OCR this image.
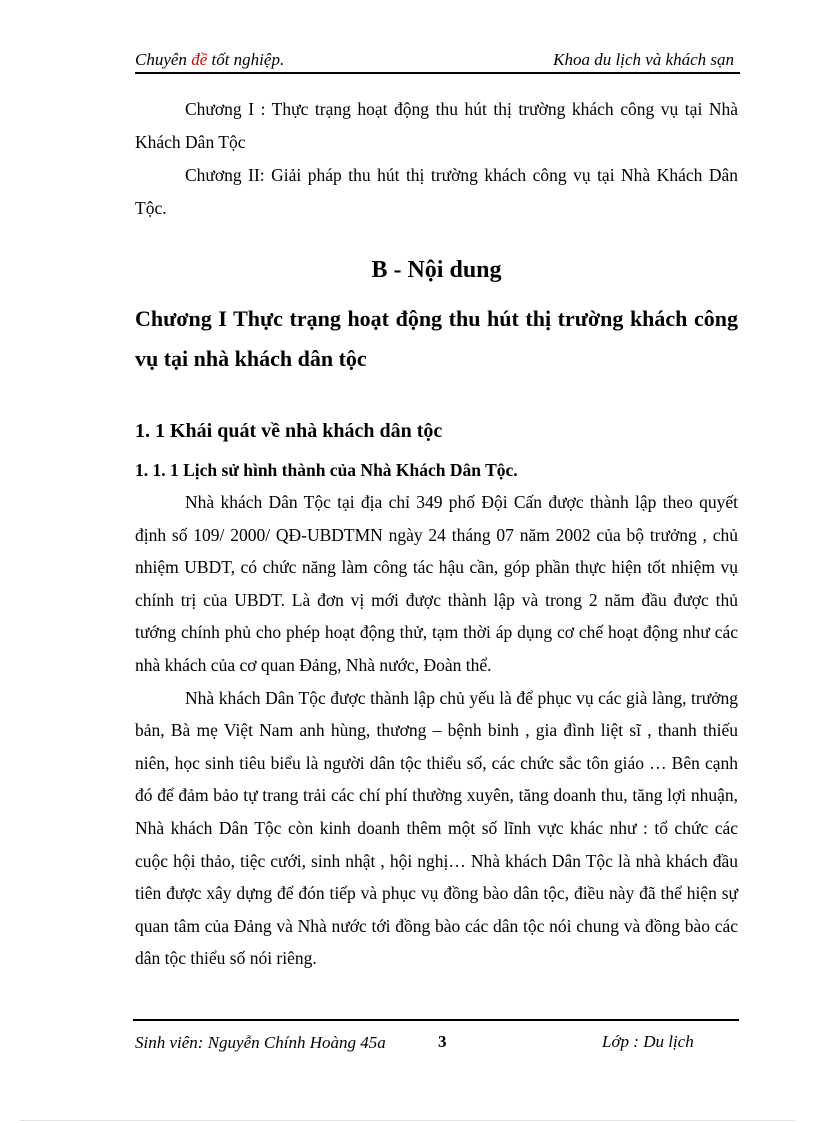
Chuyên đề tốt nghiệp.	Khoa du lịch và khách sạn

Chương I : Thực trạng hoạt động thu hút thị trường khách công vụ tại Nhà Khách Dân Tộc

Chương II: Giải pháp thu hút thị trường khách công vụ tại Nhà Khách Dân Tộc.

B - Nội dung
Chương I Thực trạng hoạt động thu hút thị trường khách công vụ tại nhà khách dân tộc
1. 1 Khái quát về nhà khách dân tộc
1. 1. 1 Lịch sử hình thành của Nhà Khách Dân Tộc.

Nhà khách Dân Tộc tại địa chỉ 349 phố Đội Cấn được thành lập theo quyết định số 109/ 2000/ QĐ-UBDTMN ngày 24 tháng 07 năm 2002 của bộ trưởng , chủ nhiệm UBDT, có chức năng làm công tác hậu cần, góp phần thực hiện tốt nhiệm vụ chính trị của UBDT. Là đơn vị mới được thành lập và trong 2 năm đầu được thủ tướng chính phủ cho phép hoạt động thử, tạm thời áp dụng cơ chế hoạt động như các nhà khách của cơ quan Đảng, Nhà nước, Đoàn thể.

Nhà khách Dân Tộc được thành lập chủ yếu là để phục vụ các già làng, trưởng bản, Bà mẹ Việt Nam anh hùng, thương – bệnh binh , gia đình liệt sĩ , thanh thiếu niên, học sinh tiêu biểu là người dân tộc thiểu số, các chức sắc tôn giáo … Bên cạnh đó để đảm bảo tự trang trải các chí phí thường xuyên, tăng doanh thu, tăng lợi nhuận, Nhà khách Dân Tộc còn kinh doanh thêm một số lĩnh vực khác như : tổ chức các cuộc hội thảo, tiệc cưới, sinh nhật , hội nghị… Nhà khách Dân Tộc là nhà khách đầu tiên được xây dựng để đón tiếp và phục vụ đồng bào dân tộc, điều này đã thể hiện sự quan tâm của Đảng và Nhà nước tới đồng bào các dân tộc nói chung và đồng bào các dân tộc thiểu số nói riêng.

Sinh viên: Nguyễn Chính Hoàng 45a	3	Lớp : Du lịch
